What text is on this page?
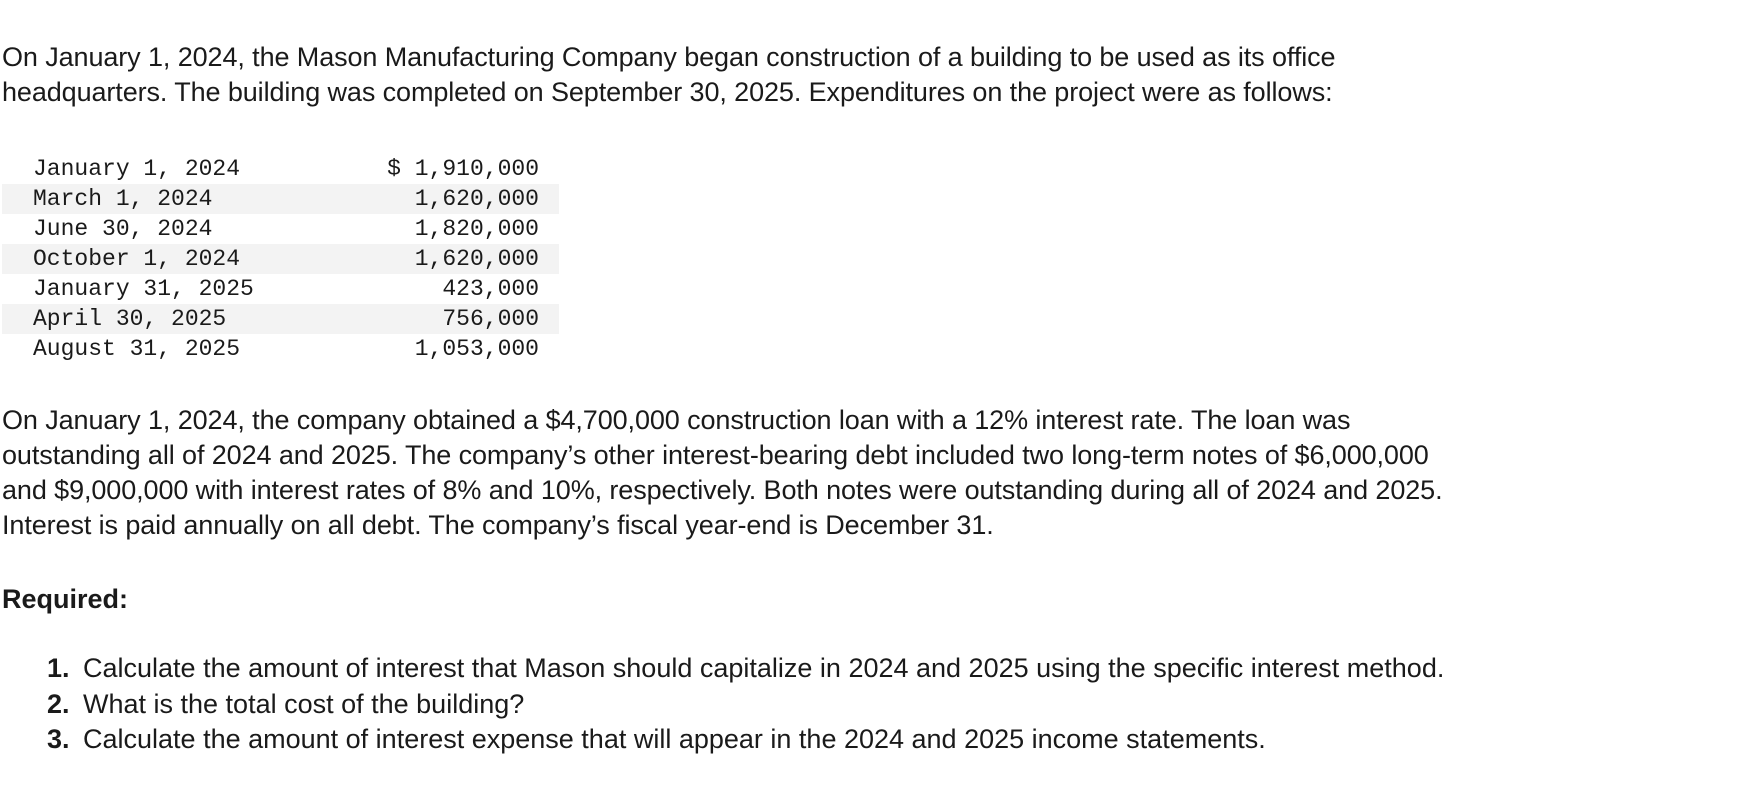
On January 1, 2024, the Mason Manufacturing Company began construction of a building to be used as its office
headquarters. The building was completed on September 30, 2025. Expenditures on the project were as follows:

January 1, 2024	$ 1,910,000
March 1, 2024	1,620,000
June 30, 2024	1,820,000
October 1, 2024	1,620,000
January 31, 2025	423,000
April 30, 2025	756,000
August 31, 2025	1,053,000

On January 1, 2024, the company obtained a $4,700,000 construction loan with a 12% interest rate. The loan was
outstanding all of 2024 and 2025. The company’s other interest-bearing debt included two long-term notes of $6,000,000
and $9,000,000 with interest rates of 8% and 10%, respectively. Both notes were outstanding during all of 2024 and 2025.
Interest is paid annually on all debt. The company’s fiscal year-end is December 31.

Required:
1. Calculate the amount of interest that Mason should capitalize in 2024 and 2025 using the specific interest method.
2. What is the total cost of the building?
3. Calculate the amount of interest expense that will appear in the 2024 and 2025 income statements.
